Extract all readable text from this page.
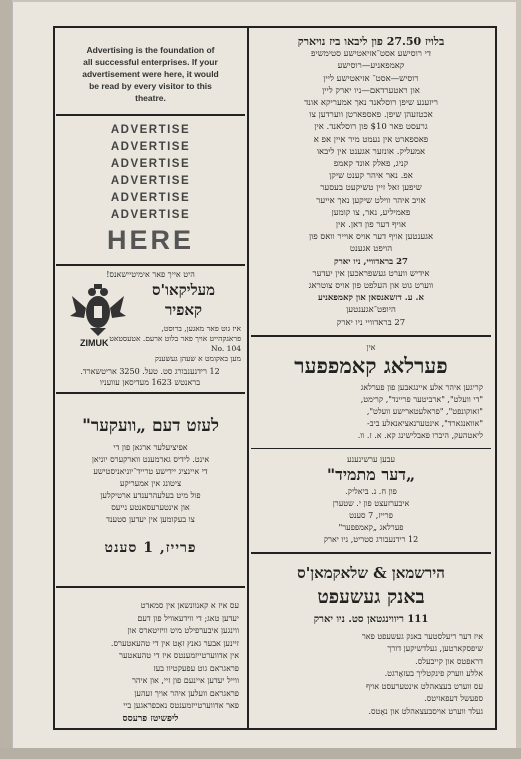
Advertising is the foundation of
all successful enterprises. If your
advertisement were here, it would
be read by every visitor to this
theatre.
ADVERTISE
ADVERTISE
ADVERTISE
ADVERTISE
ADVERTISE
ADVERTISE
HERE
היט אייך פאר אימיטיישאנס!
ZIMUK
מעליקאו'ס
קאפיר
איז גוט פאר מאגען, ברוסט,
פראגקהייט אויך פאר בלוט ארעם. אטעסטאט
No. 104
מען באקומט א שעהן געשענק
12 רידנענבורג סט. טעל. 3250 אריטשארד.
בראנטש 1623 מעדיסאן עוועניו
לעזט דעם „וועקער"
אפיציעלער ארגאן פון די
אינט. לידיס גארמענט ווארקערס יוניאן
די איינציג יידישע טרייד־יוניאניסטישע
ציטונג אין אמעריקע
פול מיט בעלעהרענדע ארטיקלען
און אינטערעסאנטע נייעס
צו בעקומען אין יעדען סטענד
פרייז, 1 סענט
עס איז א קאנוונשאן אין סמאדט
יעדען טאג; די ווידעאוויל פון דעם
ווינגען איבערפילט מיט וויזיטארס און
זיינען אבער גאנץ זאָט אין די טהעאטערס.
אין אדווערטייזמענטס איז די טהעאטער
פראגראם גוט עפעקטיוו בעז
ווייל יעדען איינעם פון זיי, און איהר
פראגראם וועלען איהר אויך זעהען
פאר אדווערטייזמענטס נאכפראגען ביי
ליפשיטז פרעסס
בלויז 27.50 פון ליבאו ביז נויארק
די רוסישע אסט־אזיאטישע סטימשיפ
קאמפאניע—רוסישע
רוסיש—אסט־ אזיאטישע ליין
און ראטערדאם—ניו יארק ליין
ריזענע שיפן רוסלאנד נאך אמעריקא אונד
אכטזעהן שיפן. פאספארטן ווערדען צו
גרעסט פאר $10 פון רוסלאנד. אין
פאספארט אין נעמט מיר איין אפ א
אמעליק. אונזער אגענט אין ליבאו
קניג, פאלק אונד קאמפ
אפ. נאר איהר קענט שיקן
שיפען זאל זיין טשיקעט בעסער
אויב איהר ווילט שיקען נאך אייער
פאמיליע, נאר, צו קומען
אויף דער פון דאן. אין
אגענטען אויף דער אויס אוייר וואס פון
הויפט אגענט
27 בראדוויי, ניו יארק
אידיש ווערט געשפראכען אין יעדער
ווערט גוט און העלפט פון אויס צוטראג
א. ע. דזשאנסאן און קאמפאניע
היופט־אגענטען
27 בראדוויי ניו יארק
אין
פערלאג קאמפפער
קריגען איהר אלע איינגאבען פון פערלאג
"די וועלט", "ארביטער פריינד", קרימט,
"זאוקונפט", "פראלעטארישע וועלט",
"אוואנגארד", אינטערנאציאנאלע ביב-
ליאטהעק, היברו פאבלישינג קא. א. ז. וו.
עבען ערשינענע
„דער מתמיד"
פון ח. נ. ביאליק.
איבערזעצט פון י. שטערן
פרייז, 7 סענט
פערלאג „קאמפפער"
12 רידנעבורג סטריט, ניו יארק
הירשמאן & שלאקמאן'ס
באנק געשעפט
111 ריווינגטאן סט. ניו יארק
איז דער ריעלסטער באנק געשעפט פאר
שיפסקארטען, געלדשיקען דורך
דראפטס און קייבעלס.
אללע ווערק פינקטליך בעזאָרגט.
עס ווערט בעצאהלט אינטערעסט אויף
ספעשל דעפאזיטס.
געלד ווערט אויסבעצאהלט און נאָטס.
